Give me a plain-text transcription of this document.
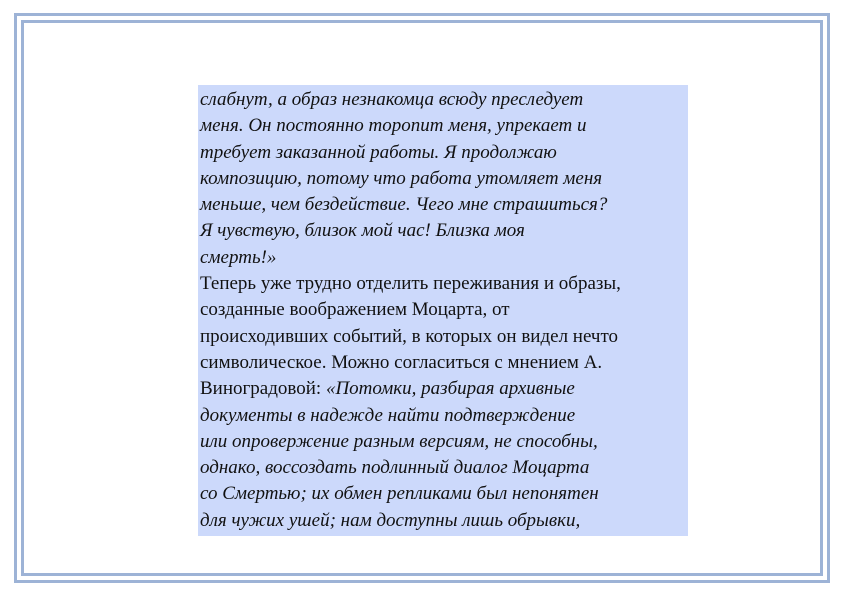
слабнут, а образ незнакомца всюду преследует
меня. Он постоянно торопит меня, упрекает и
требует заказанной работы. Я продолжаю
композицию, потому что работа утомляет меня
меньше, чем бездействие. Чего мне страшиться?
Я чувствую, близок мой час! Близка моя
смерть!»
Теперь уже трудно отделить переживания и образы,
созданные воображением Моцарта, от
происходивших событий, в которых он видел нечто
символическое. Можно согласиться с мнением А.
Виноградовой: «Потомки, разбирая архивные
документы в надежде найти подтверждение
или опровержение разным версиям, не способны,
однако, воссоздать подлинный диалог Моцарта
со Смертью; их обмен репликами был непонятен
для чужих ушей; нам доступны лишь обрывки,
